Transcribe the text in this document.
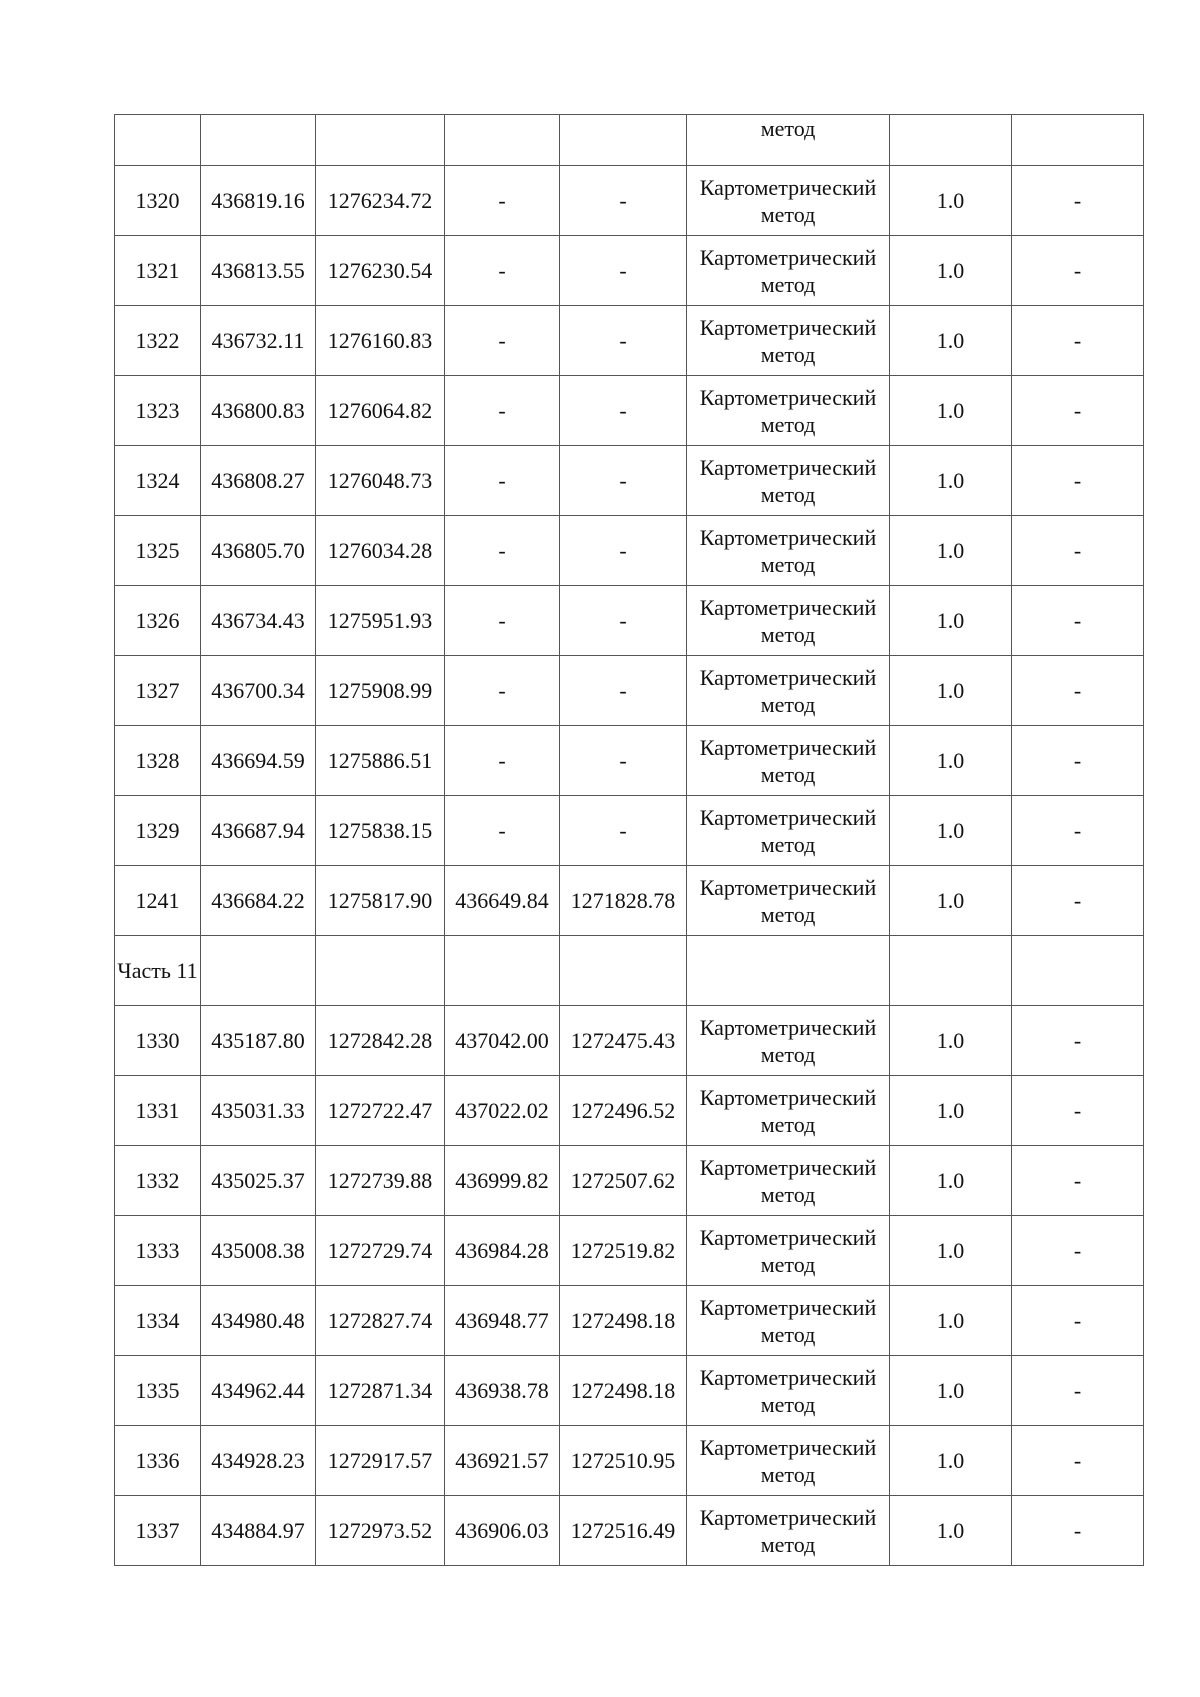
					метод		
1320	436819.16	1276234.72	-	-	Картометрический метод	1.0	-
1321	436813.55	1276230.54	-	-	Картометрический метод	1.0	-
1322	436732.11	1276160.83	-	-	Картометрический метод	1.0	-
1323	436800.83	1276064.82	-	-	Картометрический метод	1.0	-
1324	436808.27	1276048.73	-	-	Картометрический метод	1.0	-
1325	436805.70	1276034.28	-	-	Картометрический метод	1.0	-
1326	436734.43	1275951.93	-	-	Картометрический метод	1.0	-
1327	436700.34	1275908.99	-	-	Картометрический метод	1.0	-
1328	436694.59	1275886.51	-	-	Картометрический метод	1.0	-
1329	436687.94	1275838.15	-	-	Картометрический метод	1.0	-
1241	436684.22	1275817.90	436649.84	1271828.78	Картометрический метод	1.0	-
Часть 11							
1330	435187.80	1272842.28	437042.00	1272475.43	Картометрический метод	1.0	-
1331	435031.33	1272722.47	437022.02	1272496.52	Картометрический метод	1.0	-
1332	435025.37	1272739.88	436999.82	1272507.62	Картометрический метод	1.0	-
1333	435008.38	1272729.74	436984.28	1272519.82	Картометрический метод	1.0	-
1334	434980.48	1272827.74	436948.77	1272498.18	Картометрический метод	1.0	-
1335	434962.44	1272871.34	436938.78	1272498.18	Картометрический метод	1.0	-
1336	434928.23	1272917.57	436921.57	1272510.95	Картометрический метод	1.0	-
1337	434884.97	1272973.52	436906.03	1272516.49	Картометрический метод	1.0	-
